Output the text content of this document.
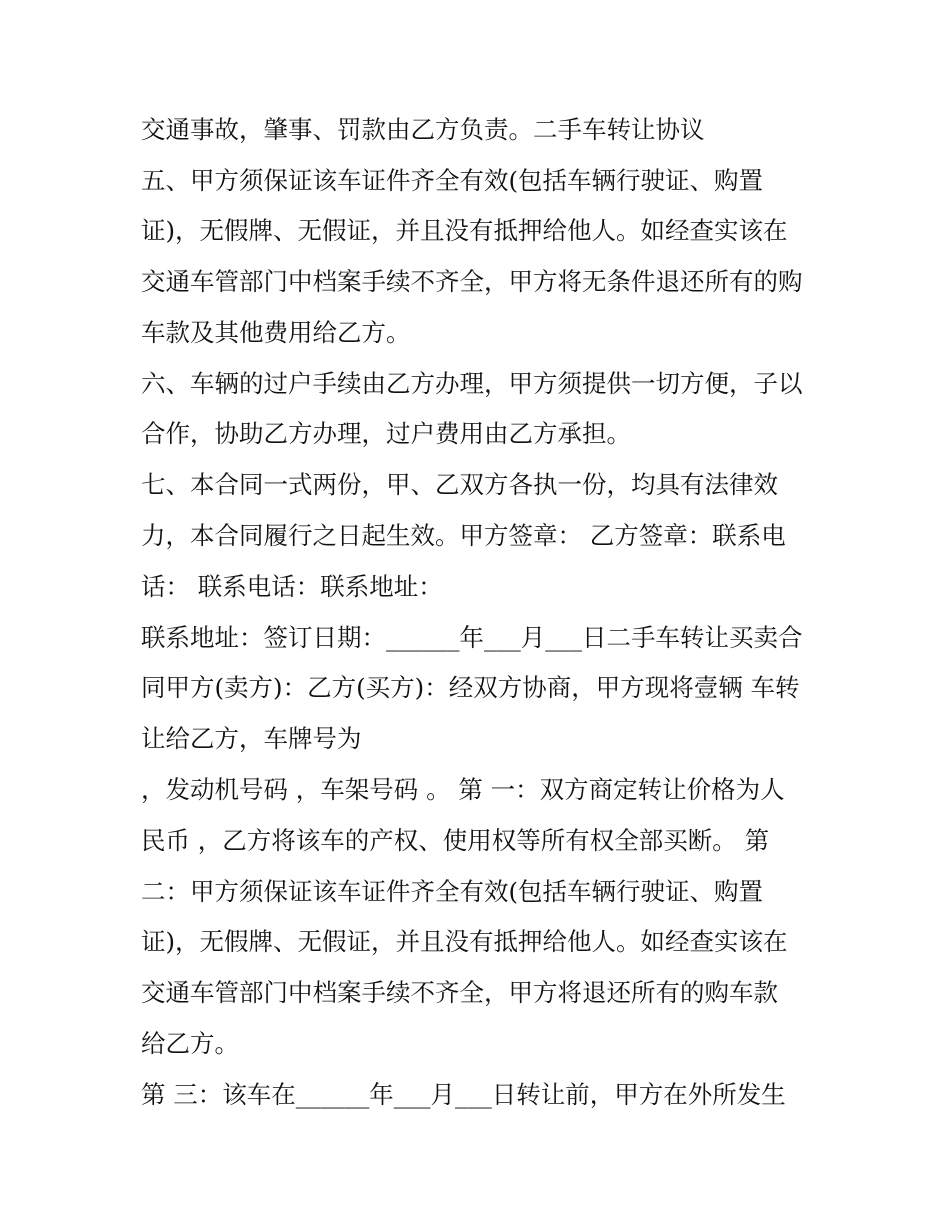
交通事故，肇事、罚款由乙方负责。二手车转让协议

五、甲方须保证该车证件齐全有效(包括车辆行驶证、购置

证)，无假牌、无假证，并且没有抵押给他人。如经查实该在

交通车管部门中档案手续不齐全，甲方将无条件退还所有的购

车款及其他费用给乙方。

六、车辆的过户手续由乙方办理，甲方须提供一切方便，子以

合作，协助乙方办理，过户费用由乙方承担。

七、本合同一式两份，甲、乙双方各执一份，均具有法律效

力，本合同履行之日起生效。甲方签章： 乙方签章：联系电

话： 联系电话：联系地址：

联系地址：签订日期：______年___月___日二手车转让买卖合

同甲方(卖方)：乙方(买方)：经双方协商，甲方现将壹辆 车转

让给乙方，车牌号为

，发动机号码 ，车架号码 。 第 一：双方商定转让价格为人

民币 ，乙方将该车的产权、使用权等所有权全部买断。 第

二：甲方须保证该车证件齐全有效(包括车辆行驶证、购置

证)，无假牌、无假证，并且没有抵押给他人。如经查实该在

交通车管部门中档案手续不齐全，甲方将退还所有的购车款

给乙方。

第 三：该车在______年___月___日转让前，甲方在外所发生
